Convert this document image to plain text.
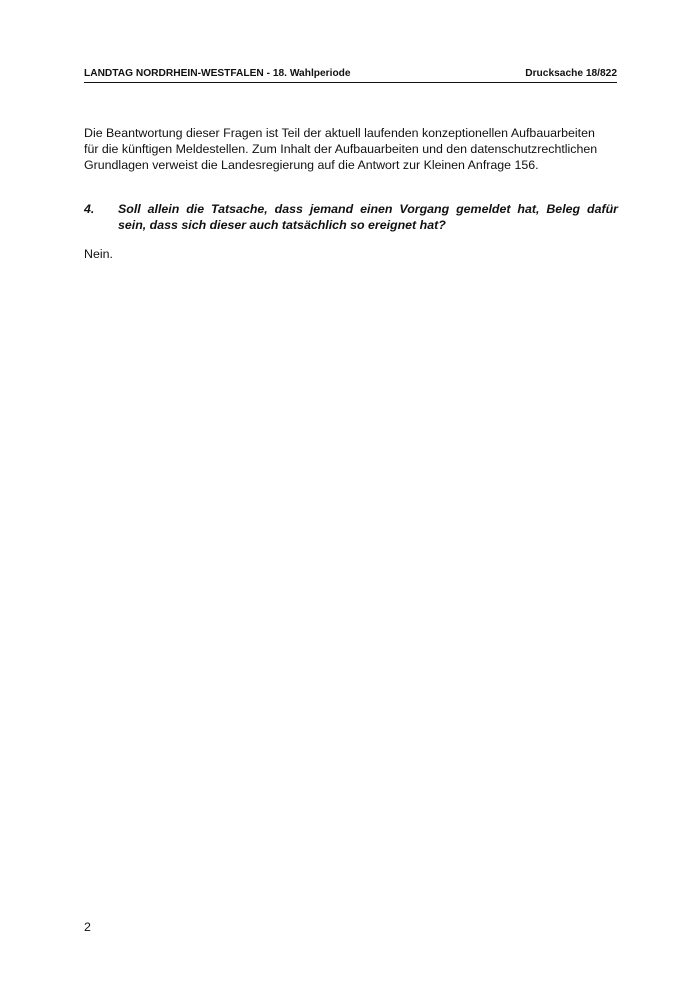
LANDTAG NORDRHEIN-WESTFALEN - 18. Wahlperiode	Drucksache 18/822
Die Beantwortung dieser Fragen ist Teil der aktuell laufenden konzeptionellen Aufbauarbeiten
für die künftigen Meldestellen. Zum Inhalt der Aufbauarbeiten und den datenschutzrechtlichen
Grundlagen verweist die Landesregierung auf die Antwort zur Kleinen Anfrage 156.
4. Soll allein die Tatsache, dass jemand einen Vorgang gemeldet hat, Beleg dafür
sein, dass sich dieser auch tatsächlich so ereignet hat?
Nein.
2
